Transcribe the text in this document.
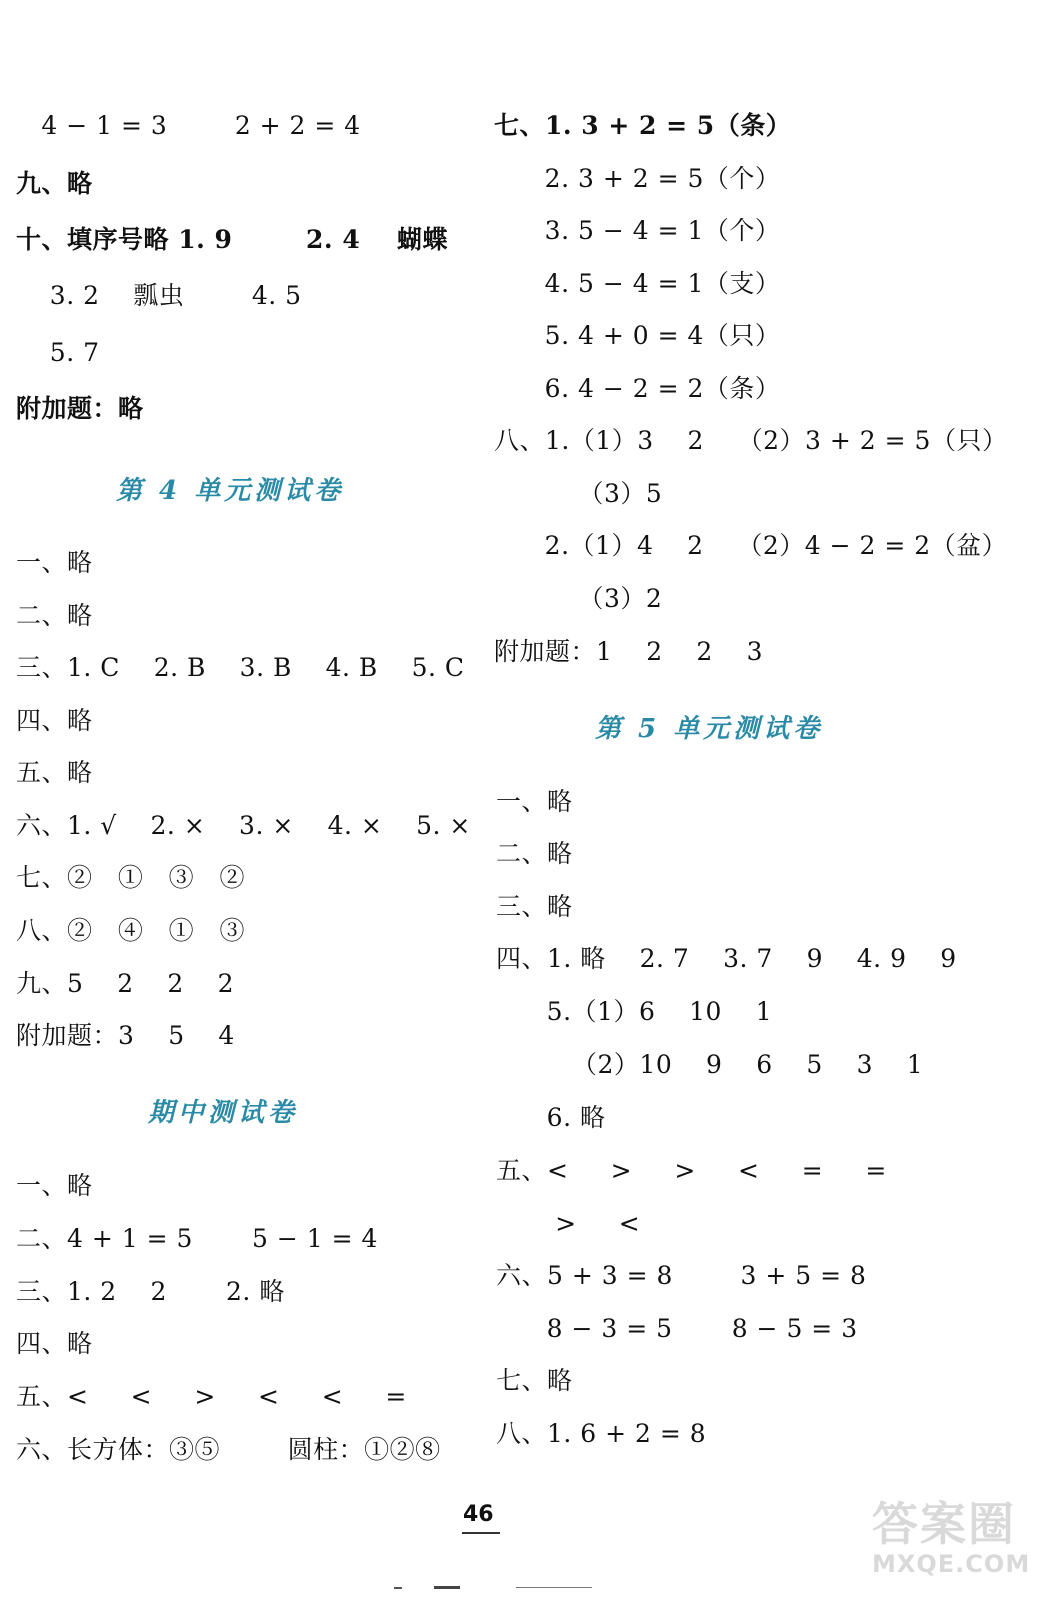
4 − 1 = 3        2 + 2 = 4
九、略
十、填序号略 1. 9        2. 4    蝴蝶
3. 2    瓢虫        4. 5
5. 7
附加题：略
第 4 单元测试卷
一、略
二、略
三、1. C    2. B    3. B    4. B    5. C
四、略
五、略
六、1. √    2. ×    3. ×    4. ×    5. ×
七、②   ①   ③   ②
八、②   ④   ①   ③
九、5    2    2    2
附加题：3    5    4
期中测试卷
一、略
二、4 + 1 = 5       5 − 1 = 4
三、1. 2    2       2. 略
四、略
五、<     <     >     <     <     =
六、长方体：③⑤        圆柱：①②⑧
七、1. 3 + 2 = 5（条）
2. 3 + 2 = 5（个）
3. 5 − 4 = 1（个）
4. 5 − 4 = 1（支）
5. 4 + 0 = 4（只）
6. 4 − 2 = 2（条）
八、1.（1）3    2    （2）3 + 2 = 5（只）
（3）5
2.（1）4    2    （2）4 − 2 = 2（盆）
（3）2
附加题：1    2    2    3
第 5 单元测试卷
一、略
二、略
三、略
四、1. 略    2. 7    3. 7    9    4. 9    9
5.（1）6    10    1
（2）10    9    6    5    3    1
6. 略
五、<     >     >     <     =     =
>     <
六、5 + 3 = 8        3 + 5 = 8
8 − 3 = 5       8 − 5 = 3
七、略
八、1. 6 + 2 = 8
46	答案圈
MXQE.COM
